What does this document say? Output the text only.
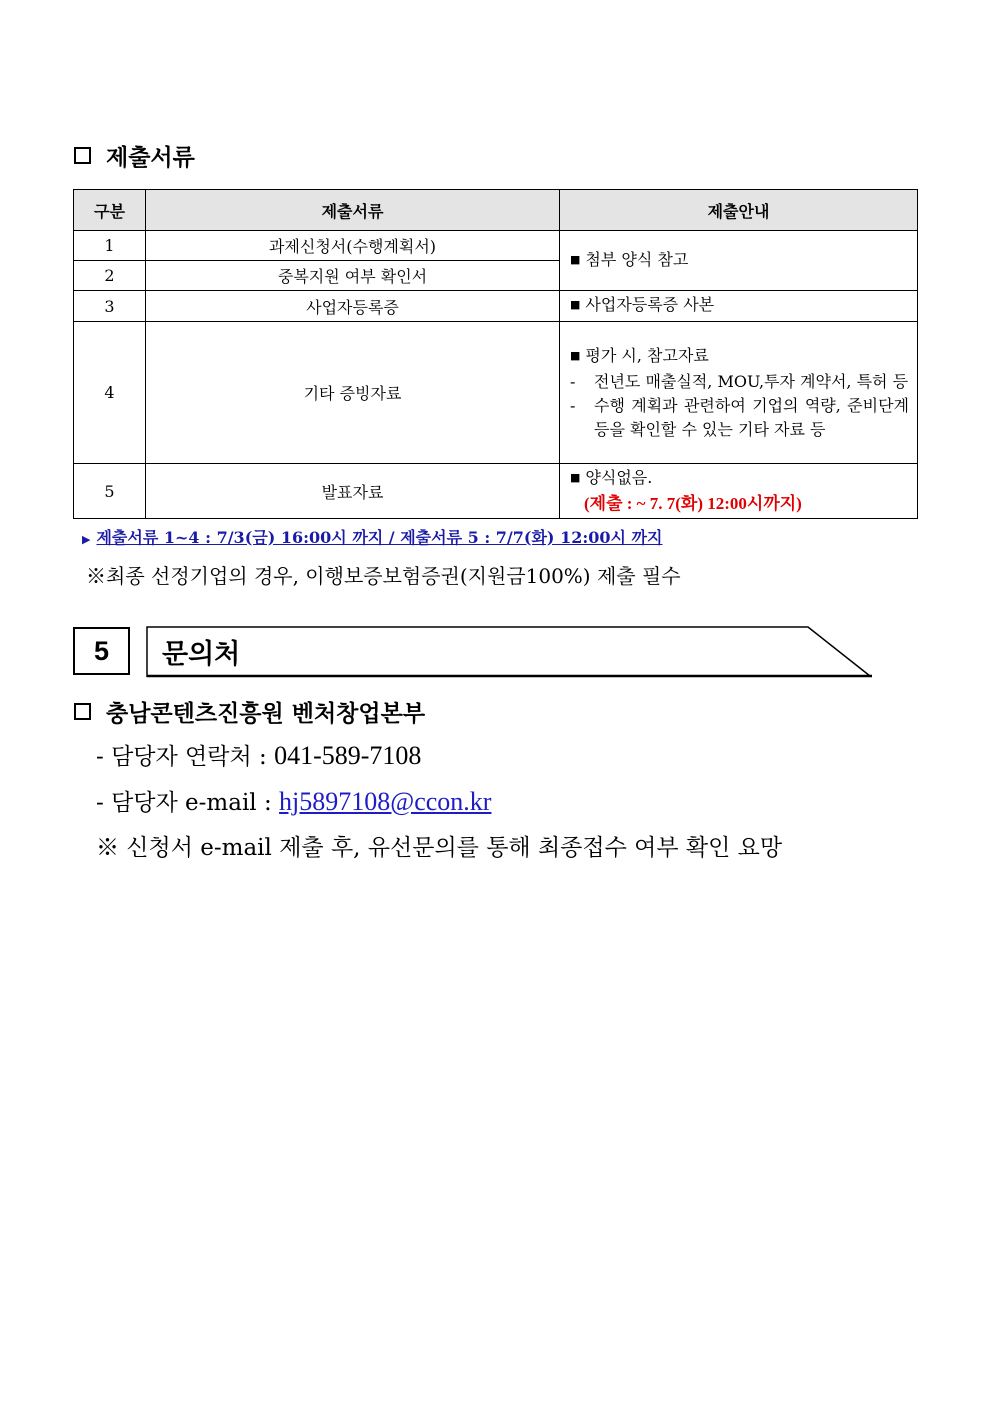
제출서류
구분	제출서류	제출안내
1	과제신청서(수행계획서)	■ 첨부 양식 참고
2	중복지원 여부 확인서	
3	사업자등록증	■ 사업자등록증 사본
4	기타 증빙자료	■ 평가 시, 참고자료
- 전년도 매출실적, MOU,투자 계약서, 특허 등
- 수행 계획과 관련하여 기업의 역량, 준비단계 등을 확인할 수 있는 기타 자료 등

5	발표자료	■ 양식없음.
(제출 : ~ 7. 7(화) 12:00시까지)
▶ 제출서류 1~4 : 7/3(금) 16:00시 까지 / 제출서류 5 : 7/7(화) 12:00시 까지
※최종 선정기업의 경우, 이행보증보험증권(지원금100%) 제출 필수
5	문의처
충남콘텐츠진흥원 벤처창업본부
- 담당자 연락처 : 041-589-7108
- 담당자 e-mail : hj5897108@ccon.kr
※ 신청서 e-mail 제출 후, 유선문의를 통해 최종접수 여부 확인 요망
